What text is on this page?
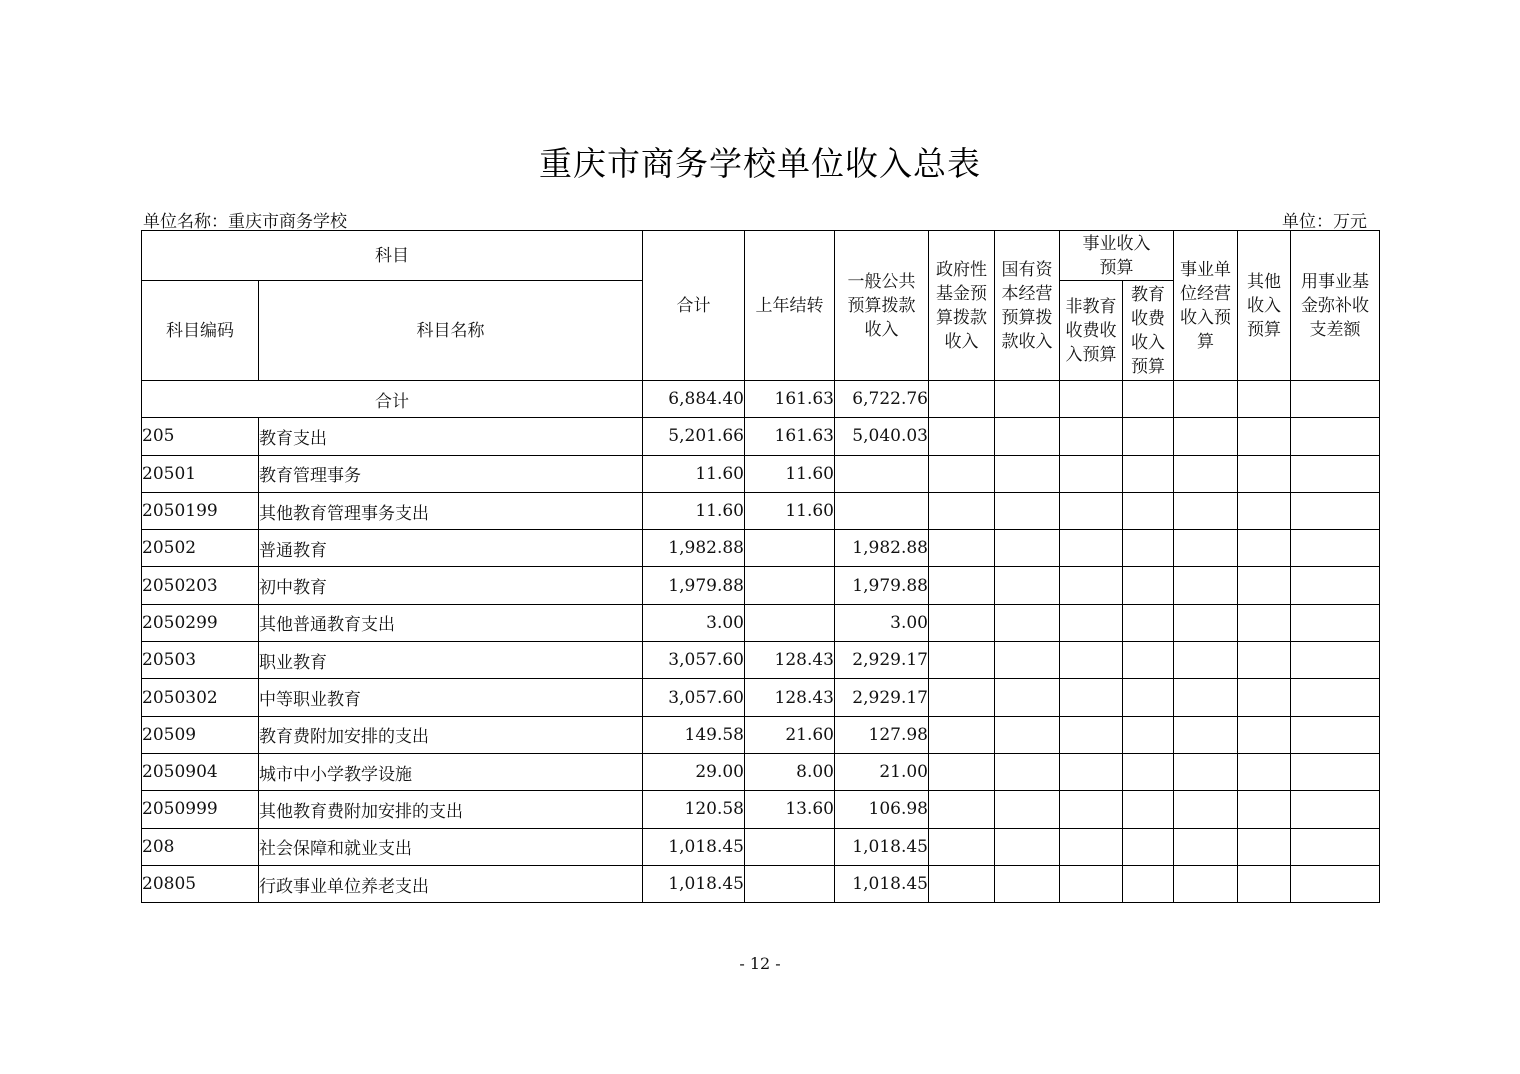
重庆市商务学校单位收入总表
单位名称：重庆市商务学校	单位：万元
科目		合计	上年结转	一般公共预算拨款收入	政府性基金预算拨款收入	国有资本经营预算拨款收入	事业收入预算		事业单位经营收入预算	其他收入预算	用事业基金弥补收支差额

科目编码	科目名称						非教育收费收入预算	教育收费收入预算			

合计		6,884.40	161.63	6,722.76							
205	教育支出	5,201.66	161.63	5,040.03							
20501	教育管理事务	11.60	11.60								
2050199	其他教育管理事务支出	11.60	11.60								
20502	普通教育	1,982.88		1,982.88							
2050203	初中教育	1,979.88		1,979.88							
2050299	其他普通教育支出	3.00		3.00							
20503	职业教育	3,057.60	128.43	2,929.17							
2050302	中等职业教育	3,057.60	128.43	2,929.17							
20509	教育费附加安排的支出	149.58	21.60	127.98							
2050904	城市中小学教学设施	29.00	8.00	21.00							
2050999	其他教育费附加安排的支出	120.58	13.60	106.98							
208	社会保障和就业支出	1,018.45		1,018.45							
20805	行政事业单位养老支出	1,018.45		1,018.45							
- 12 -
